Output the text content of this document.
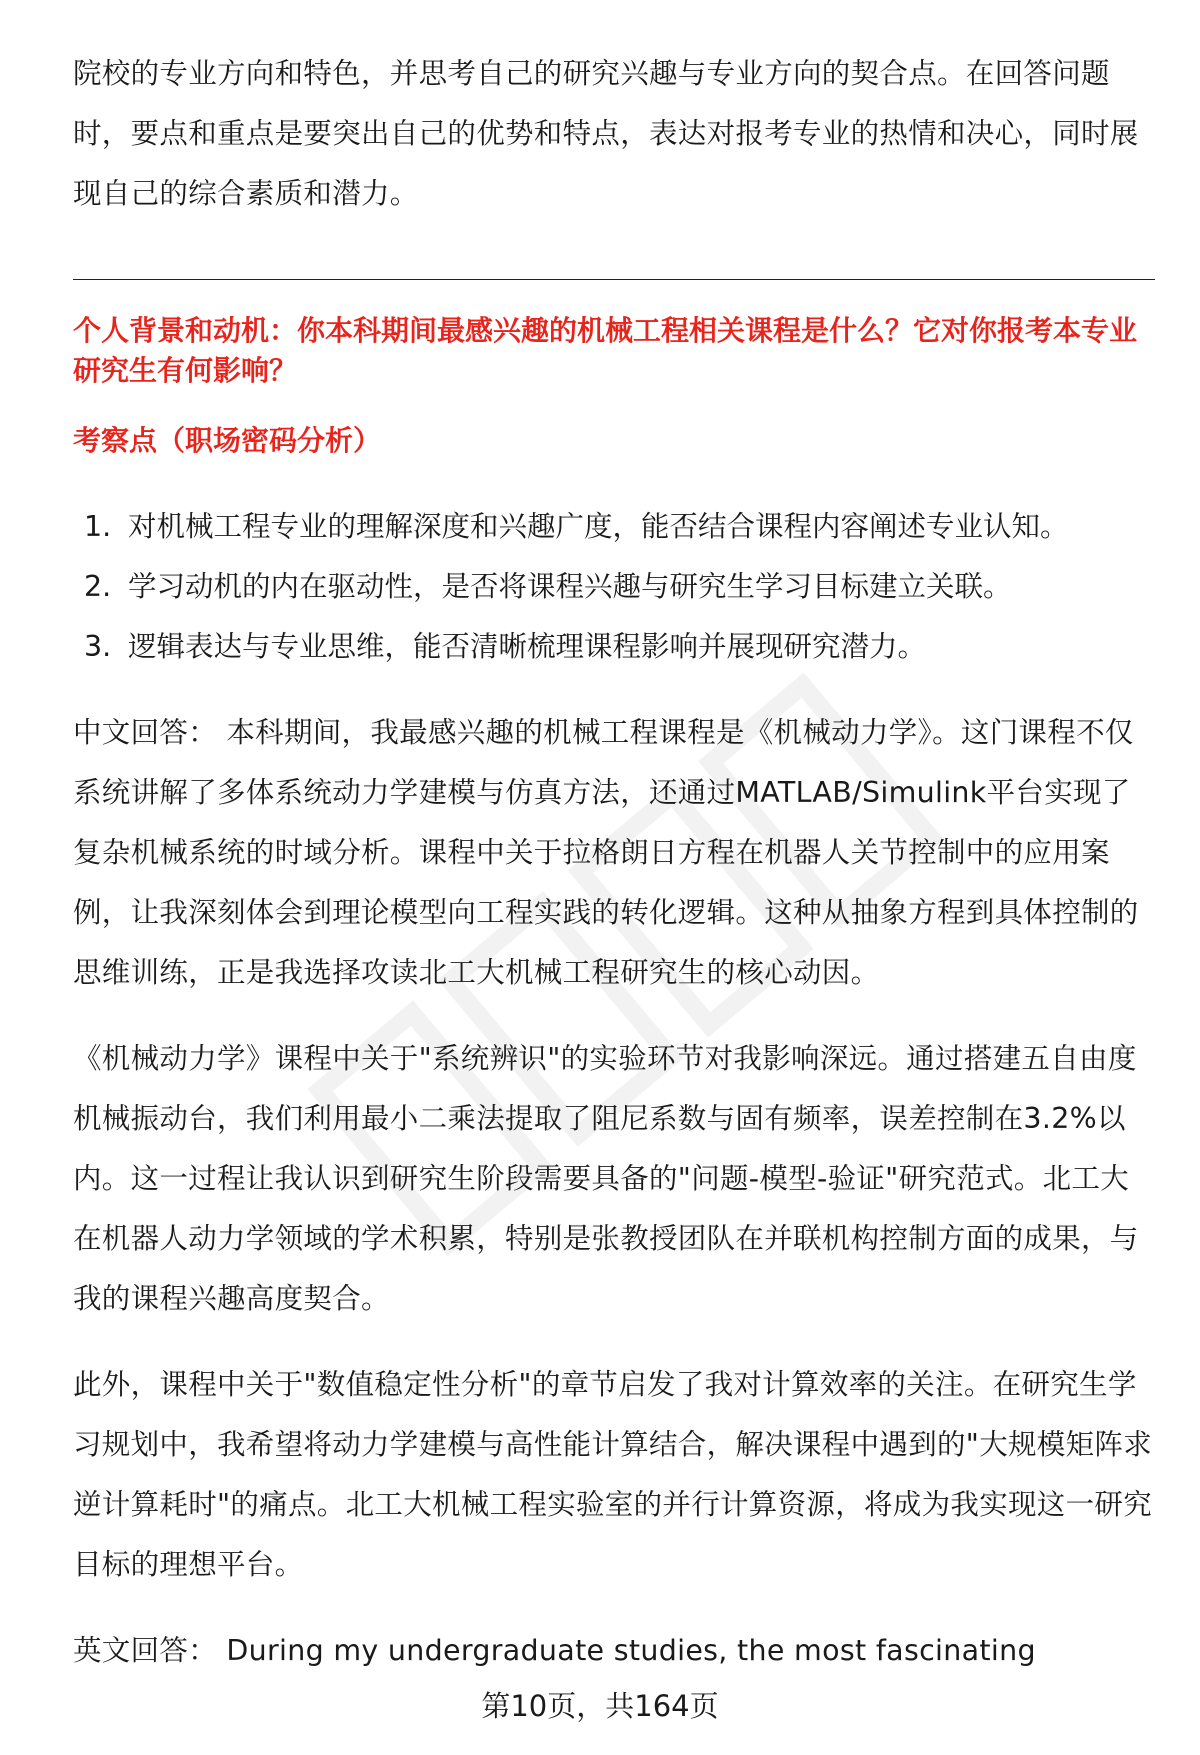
院校的专业方向和特色，并思考自己的研究兴趣与专业方向的契合点。在回答问题时，要点和重点是要突出自己的优势和特点，表达对报考专业的热情和决心，同时展现自己的综合素质和潜力。

个人背景和动机：你本科期间最感兴趣的机械工程相关课程是什么？它对你报考本专业研究生有何影响？
考察点（职场密码分析）
1. 对机械工程专业的理解深度和兴趣广度，能否结合课程内容阐述专业认知。
2. 学习动机的内在驱动性，是否将课程兴趣与研究生学习目标建立关联。
3. 逻辑表达与专业思维，能否清晰梳理课程影响并展现研究潜力。

中文回答： 本科期间，我最感兴趣的机械工程课程是《机械动力学》。这门课程不仅系统讲解了多体系统动力学建模与仿真方法，还通过MATLAB/Simulink平台实现了复杂机械系统的时域分析。课程中关于拉格朗日方程在机器人关节控制中的应用案例，让我深刻体会到理论模型向工程实践的转化逻辑。这种从抽象方程到具体控制的思维训练，正是我选择攻读北工大机械工程研究生的核心动因。

《机械动力学》课程中关于"系统辨识"的实验环节对我影响深远。通过搭建五自由度机械振动台，我们利用最小二乘法提取了阻尼系数与固有频率，误差控制在3.2%以内。这一过程让我认识到研究生阶段需要具备的"问题-模型-验证"研究范式。北工大在机器人动力学领域的学术积累，特别是张教授团队在并联机构控制方面的成果，与我的课程兴趣高度契合。

此外，课程中关于"数值稳定性分析"的章节启发了我对计算效率的关注。在研究生学习规划中，我希望将动力学建模与高性能计算结合，解决课程中遇到的"大规模矩阵求逆计算耗时"的痛点。北工大机械工程实验室的并行计算资源，将成为我实现这一研究目标的理想平台。

英文回答： During my undergraduate studies, the most fascinating

第10页，共164页
